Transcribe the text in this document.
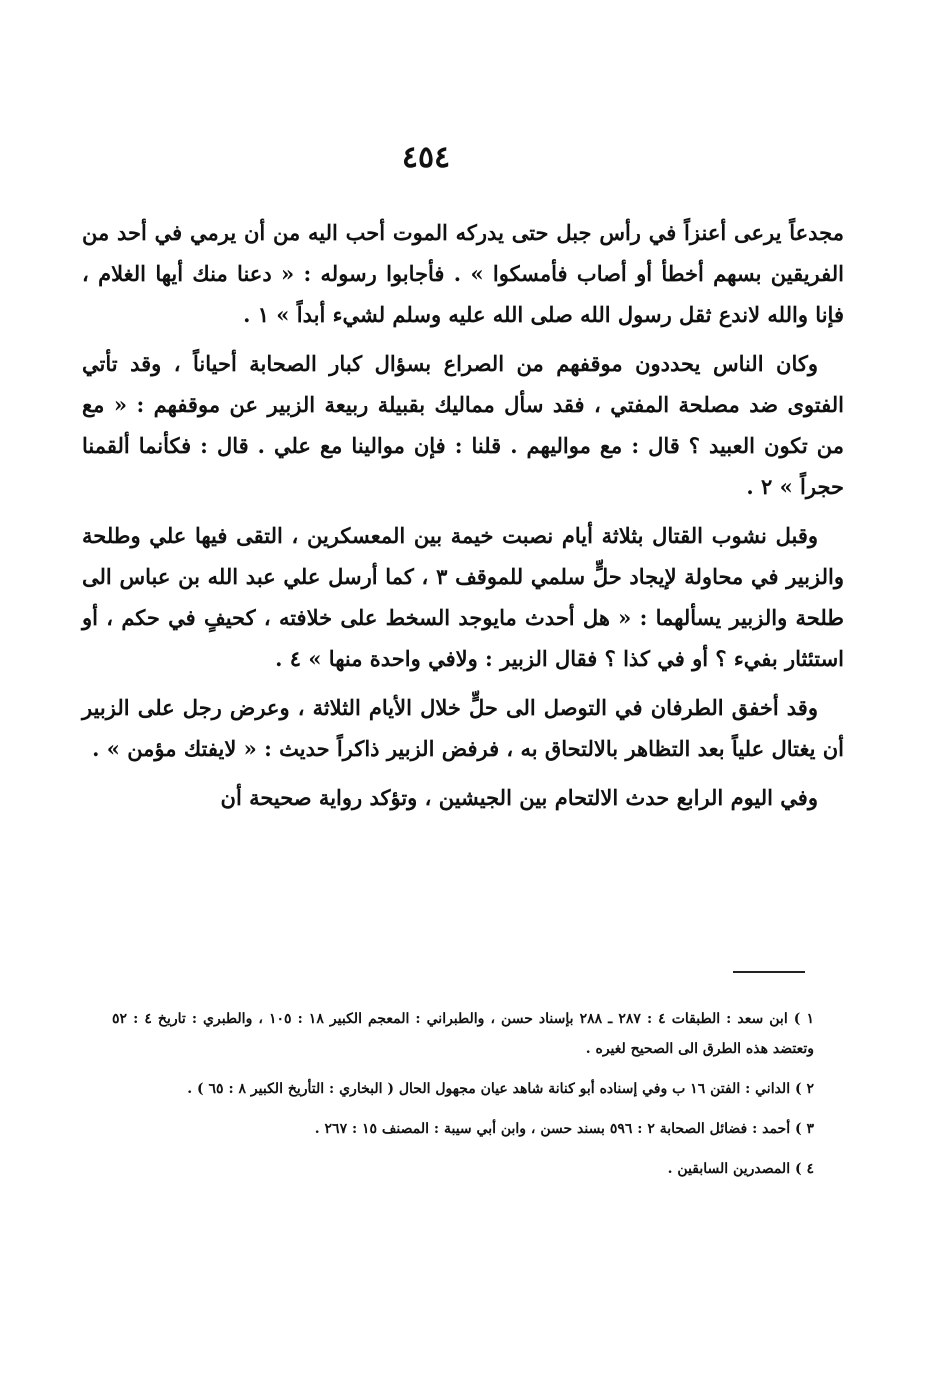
٤٥٤

مجدعاً يرعى أعنزاً في رأس جبل حتى يدركه الموت أحب اليه من أن يرمي في أحد من الفريقين بسهم أخطأ أو أصاب فأمسكوا » . فأجابوا رسوله : « دعنا منك أيها الغلام ، فإنا والله لاندع ثقل رسول الله صلى الله عليه وسلم لشيء أبداً » ١ .

وكان الناس يحددون موقفهم من الصراع بسؤال كبار الصحابة أحياناً ، وقد تأتي الفتوى ضد مصلحة المفتي ، فقد سأل مماليك بقبيلة ربيعة الزبير عن موقفهم : « مع من تكون العبيد ؟ قال : مع مواليهم . قلنا : فإن موالينا مع علي . قال : فكأنما ألقمنا حجراً » ٢ .

وقبل نشوب القتال بثلاثة أيام نصبت خيمة بين المعسكرين ، التقى فيها علي وطلحة والزبير في محاولة لإيجاد حلٍّ سلمي للموقف ٣ ، كما أرسل علي عبد الله بن عباس الى طلحة والزبير يسألهما : « هل أحدث مايوجد السخط على خلافته ، كحيفٍ في حكم ، أو استئثار بفيء ؟ أو في كذا ؟ فقال الزبير : ولافي واحدة منها » ٤ .

وقد أخفق الطرفان في التوصل الى حلٍّ خلال الأيام الثلاثة ، وعرض رجل على الزبير أن يغتال علياً بعد التظاهر بالالتحاق به ، فرفض الزبير ذاكراً حديث : « لايفتك مؤمن » .

وفي اليوم الرابع حدث الالتحام بين الجيشين ، وتؤكد رواية صحيحة أن

١ ) ابن سعد : الطبقات ٤ : ٢٨٧ ـ ٢٨٨ بإسناد حسن ، والطبراني : المعجم الكبير ١٨ : ١٠٥ ، والطبري : تاريخ ٤ : ٥٢ وتعتضد هذه الطرق الى الصحيح لغيره .

٢ ) الداني : الفتن ١٦ ب وفي إسناده أبو كنانة شاهد عيان مجهول الحال ( البخاري : التأريخ الكبير ٨ : ٦٥ ) .

٣ ) أحمد : فضائل الصحابة ٢ : ٥٩٦ بسند حسن ، وابن أبي سيبة : المصنف ١٥ : ٢٦٧ .

٤ ) المصدرين السابقين .
